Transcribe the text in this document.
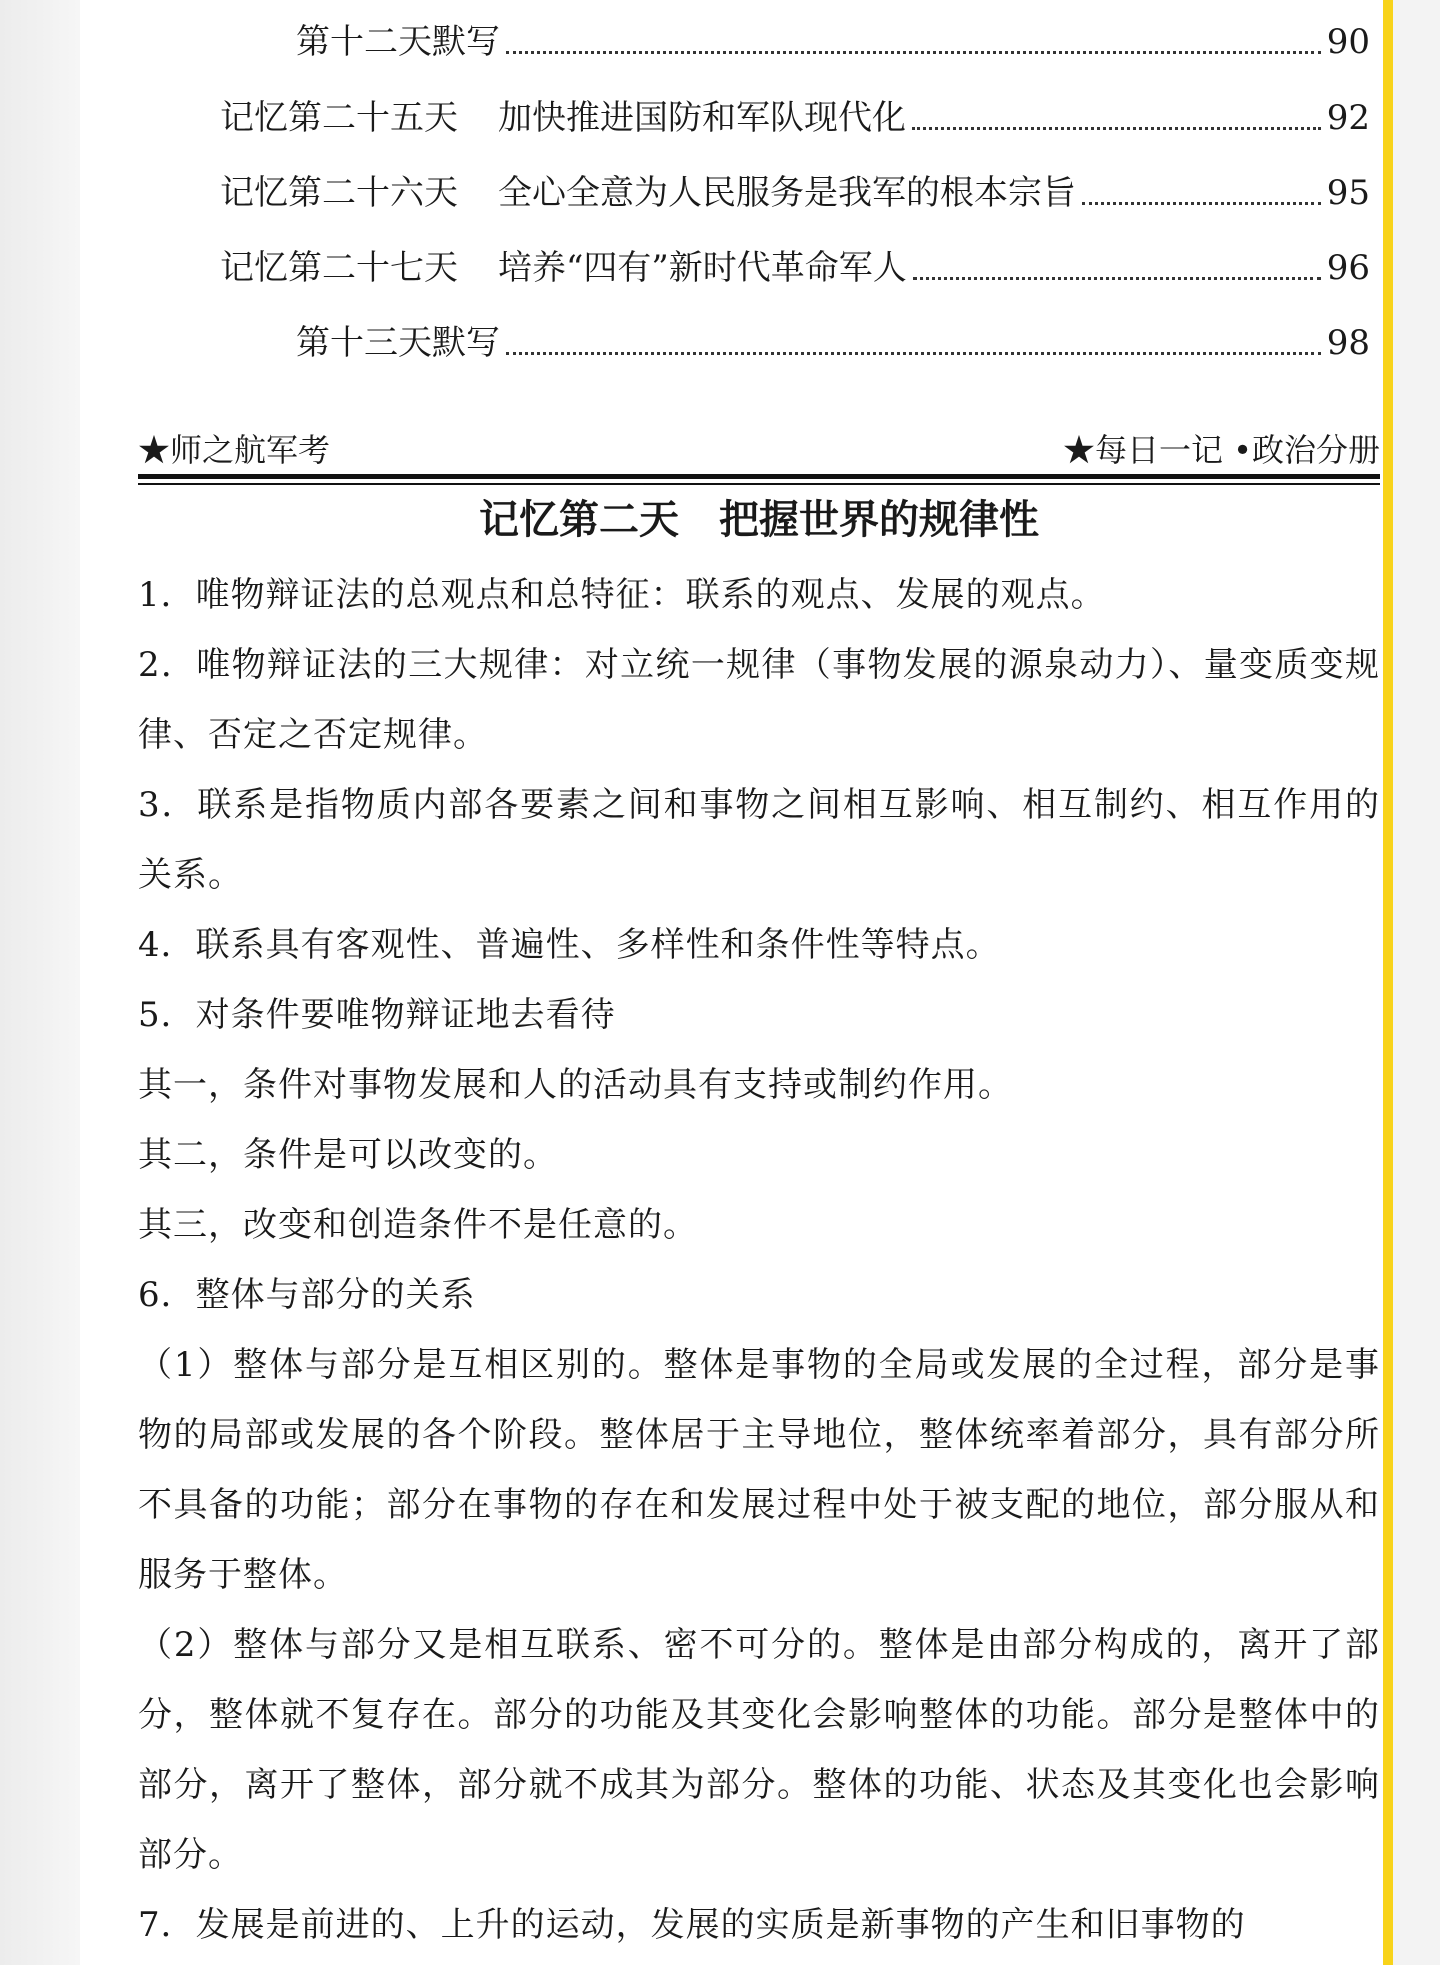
第十二天默写	90
记忆第二十五天 加快推进国防和军队现代化	92
记忆第二十六天 全心全意为人民服务是我军的根本宗旨	95
记忆第二十七天 培养“四有”新时代革命军人	96
第十三天默写	98
★师之航军考	★每日一记 •政治分册
记忆第二天 把握世界的规律性

1．唯物辩证法的总观点和总特征：联系的观点、发展的观点。

2．唯物辩证法的三大规律：对立统一规律（事物发展的源泉动力）、量变质变规律、否定之否定规律。

3．联系是指物质内部各要素之间和事物之间相互影响、相互制约、相互作用的关系。

4．联系具有客观性、普遍性、多样性和条件性等特点。

5．对条件要唯物辩证地去看待

其一，条件对事物发展和人的活动具有支持或制约作用。

其二，条件是可以改变的。

其三，改变和创造条件不是任意的。

6．整体与部分的关系

（1）整体与部分是互相区别的。整体是事物的全局或发展的全过程，部分是事物的局部或发展的各个阶段。整体居于主导地位，整体统率着部分，具有部分所不具备的功能；部分在事物的存在和发展过程中处于被支配的地位，部分服从和服务于整体。

（2）整体与部分又是相互联系、密不可分的。整体是由部分构成的，离开了部分，整体就不复存在。部分的功能及其变化会影响整体的功能。部分是整体中的部分，离开了整体，部分就不成其为部分。整体的功能、状态及其变化也会影响部分。

7．发展是前进的、上升的运动，发展的实质是新事物的产生和旧事物的
